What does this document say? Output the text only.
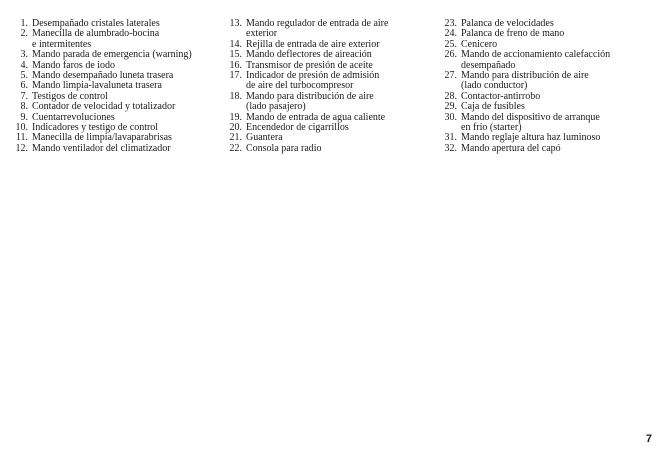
1. Desempañado cristales laterales
2. Manecilla de alumbrado-bocina
e intermitentes
3. Mando parada de emergencia (warning)
4. Mando faros de iodo
5. Mando desempañado luneta trasera
6. Mando limpia-lavaluneta trasera
7. Testigos de control
8. Contador de velocidad y totalizador
9. Cuentarrevoluciones
10. Indicadores y testigo de control
11. Manecilla de limpia/lavaparabrisas
12. Mando ventilador del climatizador
13. Mando regulador de entrada de aire
exterior
14. Rejilla de entrada de aire exterior
15. Mando deflectores de aireación
16. Transmisor de presión de aceite
17. Indicador de presión de admisión
de aire del turbocompresor
18. Mando para distribución de aire
(lado pasajero)
19. Mando de entrada de agua caliente
20. Encendedor de cigarrillos
21. Guantera
22. Consola para radio
23. Palanca de velocidades
24. Palanca de freno de mano
25. Cenicero
26. Mando de accionamiento calefacción
desempañado
27. Mando para distribución de aire
(lado conductor)
28. Contactor-antirrobo
29. Caja de fusibles
30. Mando del dispositivo de arranque
en frío (starter)
31. Mando reglaje altura haz luminoso
32. Mando apertura del capó
7
